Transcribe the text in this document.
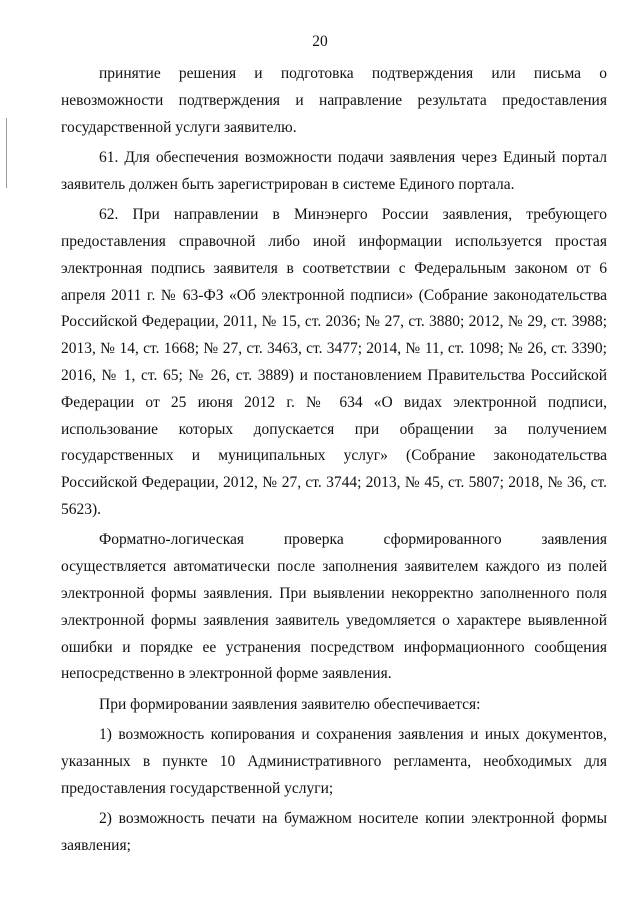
20

принятие решения и подготовка подтверждения или письма о невозможности подтверждения и направление результата предоставления государственной услуги заявителю.

61. Для обеспечения возможности подачи заявления через Единый портал заявитель должен быть зарегистрирован в системе Единого портала.

62. При направлении в Минэнерго России заявления, требующего предоставления справочной либо иной информации используется простая электронная подпись заявителя в соответствии с Федеральным законом от 6 апреля 2011 г. № 63-ФЗ «Об электронной подписи» (Собрание законодательства Российской Федерации, 2011, № 15, ст. 2036; № 27, ст. 3880; 2012, № 29, ст. 3988; 2013, № 14, ст. 1668; № 27, ст. 3463, ст. 3477; 2014, № 11, ст. 1098; № 26, ст. 3390; 2016, № 1, ст. 65; № 26, ст. 3889) и постановлением Правительства Российской Федерации от 25 июня 2012 г. № 634 «О видах электронной подписи, использование которых допускается при обращении за получением государственных и муниципальных услуг» (Собрание законодательства Российской Федерации, 2012, № 27, ст. 3744; 2013, № 45, ст. 5807; 2018, № 36, ст. 5623).

Форматно-логическая проверка сформированного заявления осуществляется автоматически после заполнения заявителем каждого из полей электронной формы заявления. При выявлении некорректно заполненного поля электронной формы заявления заявитель уведомляется о характере выявленной ошибки и порядке ее устранения посредством информационного сообщения непосредственно в электронной форме заявления.

При формировании заявления заявителю обеспечивается:

1) возможность копирования и сохранения заявления и иных документов, указанных в пункте 10 Административного регламента, необходимых для предоставления государственной услуги;

2) возможность печати на бумажном носителе копии электронной формы заявления;
